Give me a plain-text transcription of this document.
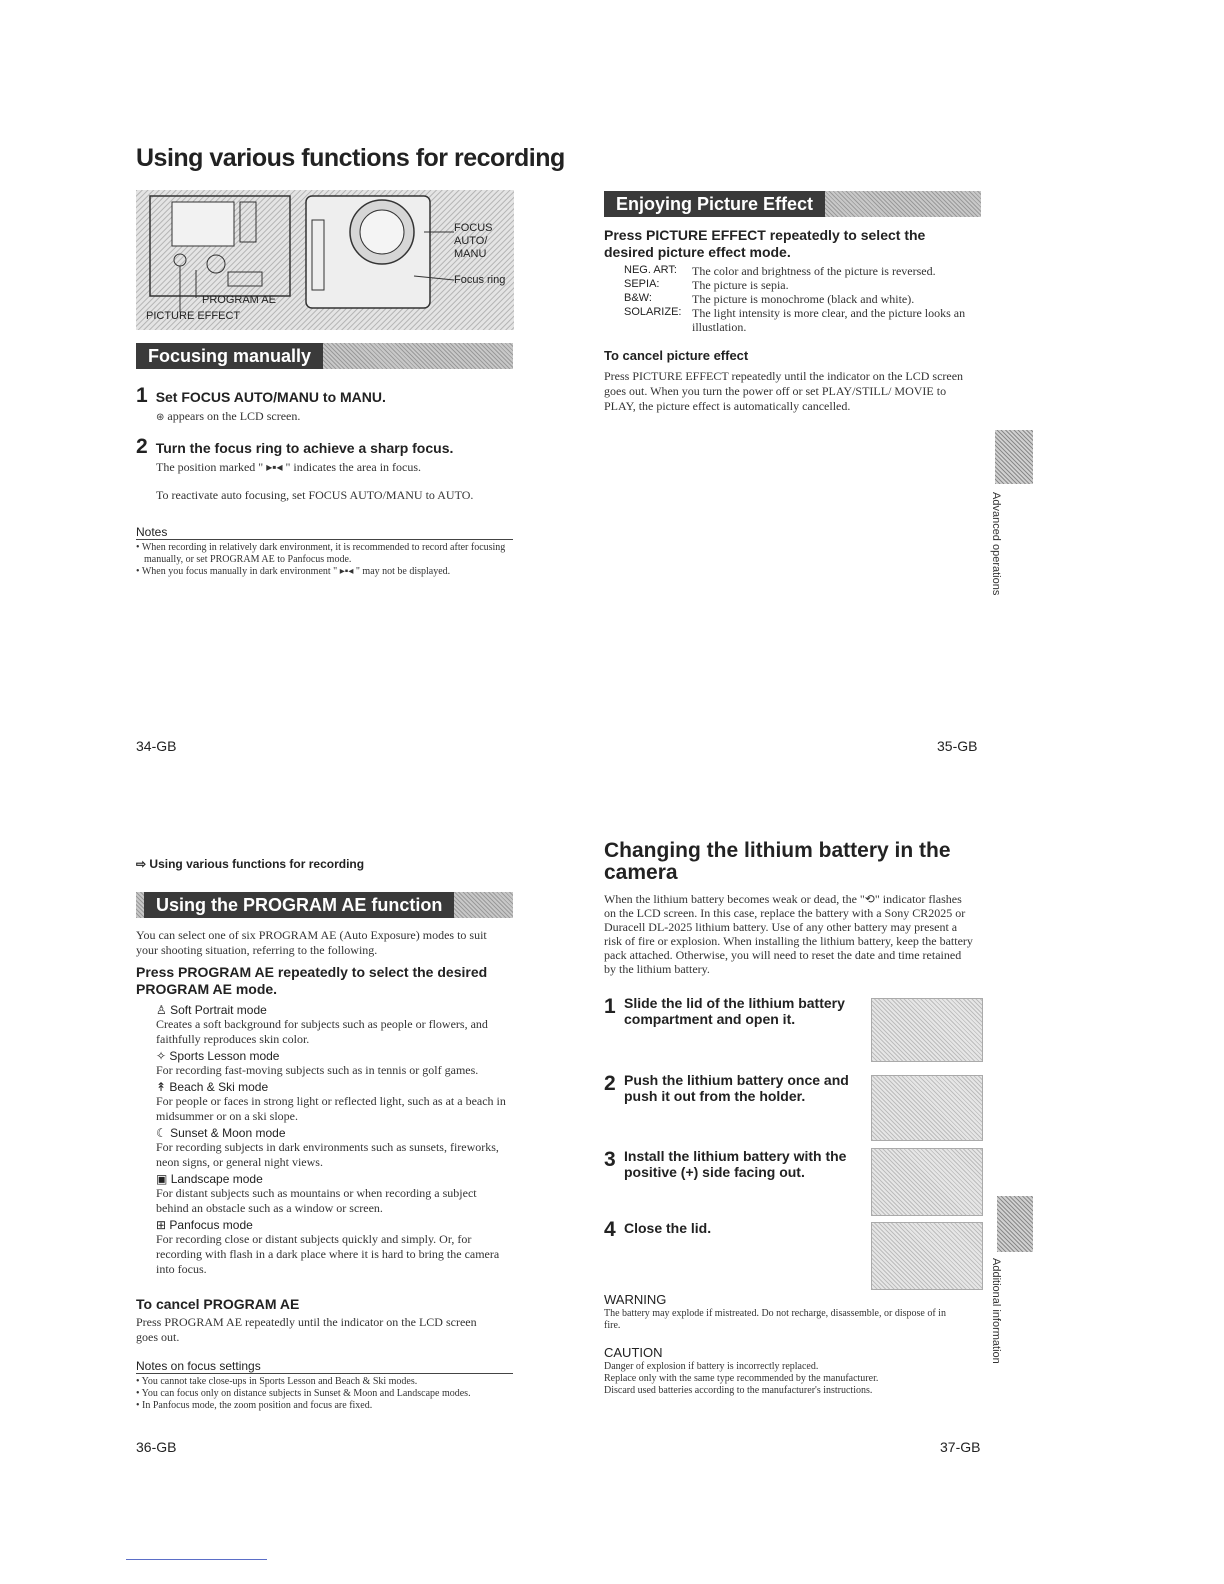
Using various functions for recording
FOCUS AUTO/ MANU
Focus ring
PROGRAM AE
PICTURE EFFECT
Focusing manually
1 Set FOCUS AUTO/MANU to MANU.
⊛ appears on the LCD screen.
2 Turn the focus ring to achieve a sharp focus.
The position marked " ▸▪◂ " indicates the area in focus.
To reactivate auto focusing, set FOCUS AUTO/MANU to AUTO.
Notes
• When recording in relatively dark environment, it is recommended to record after focusing manually, or set PROGRAM AE to Panfocus mode.
• When you focus manually in dark environment " ▸▪◂ " may not be displayed.
34-GB
Enjoying Picture Effect
Press PICTURE EFFECT repeatedly to select the desired picture effect mode.
NEG. ART:	The color and brightness of the picture is reversed.
SEPIA:	The picture is sepia.
B&W:	The picture is monochrome (black and white).
SOLARIZE: The light intensity is more clear, and the picture looks an illustlation.
To cancel picture effect
Press PICTURE EFFECT repeatedly until the indicator on the LCD screen goes out. When you turn the power off or set PLAY/STILL/ MOVIE to PLAY, the picture effect is automatically cancelled.
Advanced operations
35-GB
⇨ Using various functions for recording
Using the PROGRAM AE function
You can select one of six PROGRAM AE (Auto Exposure) modes to suit your shooting situation, referring to the following.
Press PROGRAM AE repeatedly to select the desired PROGRAM AE mode.
♙ Soft Portrait mode
Creates a soft background for subjects such as people or flowers, and faithfully reproduces skin color.
✧ Sports Lesson mode
For recording fast-moving subjects such as in tennis or golf games.
↟ Beach & Ski mode
For people or faces in strong light or reflected light, such as at a beach in midsummer or on a ski slope.
☾ Sunset & Moon mode
For recording subjects in dark environments such as sunsets, fireworks, neon signs, or general night views.
▣ Landscape mode
For distant subjects such as mountains or when recording a subject behind an obstacle such as a window or screen.
⊞ Panfocus mode
For recording close or distant subjects quickly and simply. Or, for recording with flash in a dark place where it is hard to bring the camera into focus.
To cancel PROGRAM AE
Press PROGRAM AE repeatedly until the indicator on the LCD screen goes out.
Notes on focus settings
• You cannot take close-ups in Sports Lesson and Beach & Ski modes.
• You can focus only on distance subjects in Sunset & Moon and Landscape modes.
• In Panfocus mode, the zoom position and focus are fixed.
36-GB
Changing the lithium battery in the camera
When the lithium battery becomes weak or dead, the "⟲" indicator flashes on the LCD screen. In this case, replace the battery with a Sony CR2025 or Duracell DL-2025 lithium battery. Use of any other battery may present a risk of fire or explosion. When installing the lithium battery, keep the battery pack attached. Otherwise, you will need to reset the date and time retained by the lithium battery.
1 Slide the lid of the lithium battery compartment and open it.
2 Push the lithium battery once and push it out from the holder.
3 Install the lithium battery with the positive (+) side facing out.
4 Close the lid.
WARNING
The battery may explode if mistreated. Do not recharge, disassemble, or dispose of in fire.
CAUTION
Danger of explosion if battery is incorrectly replaced.
Replace only with the same type recommended by the manufacturer.
Discard used batteries according to the manufacturer's instructions.
Additional information
37-GB
